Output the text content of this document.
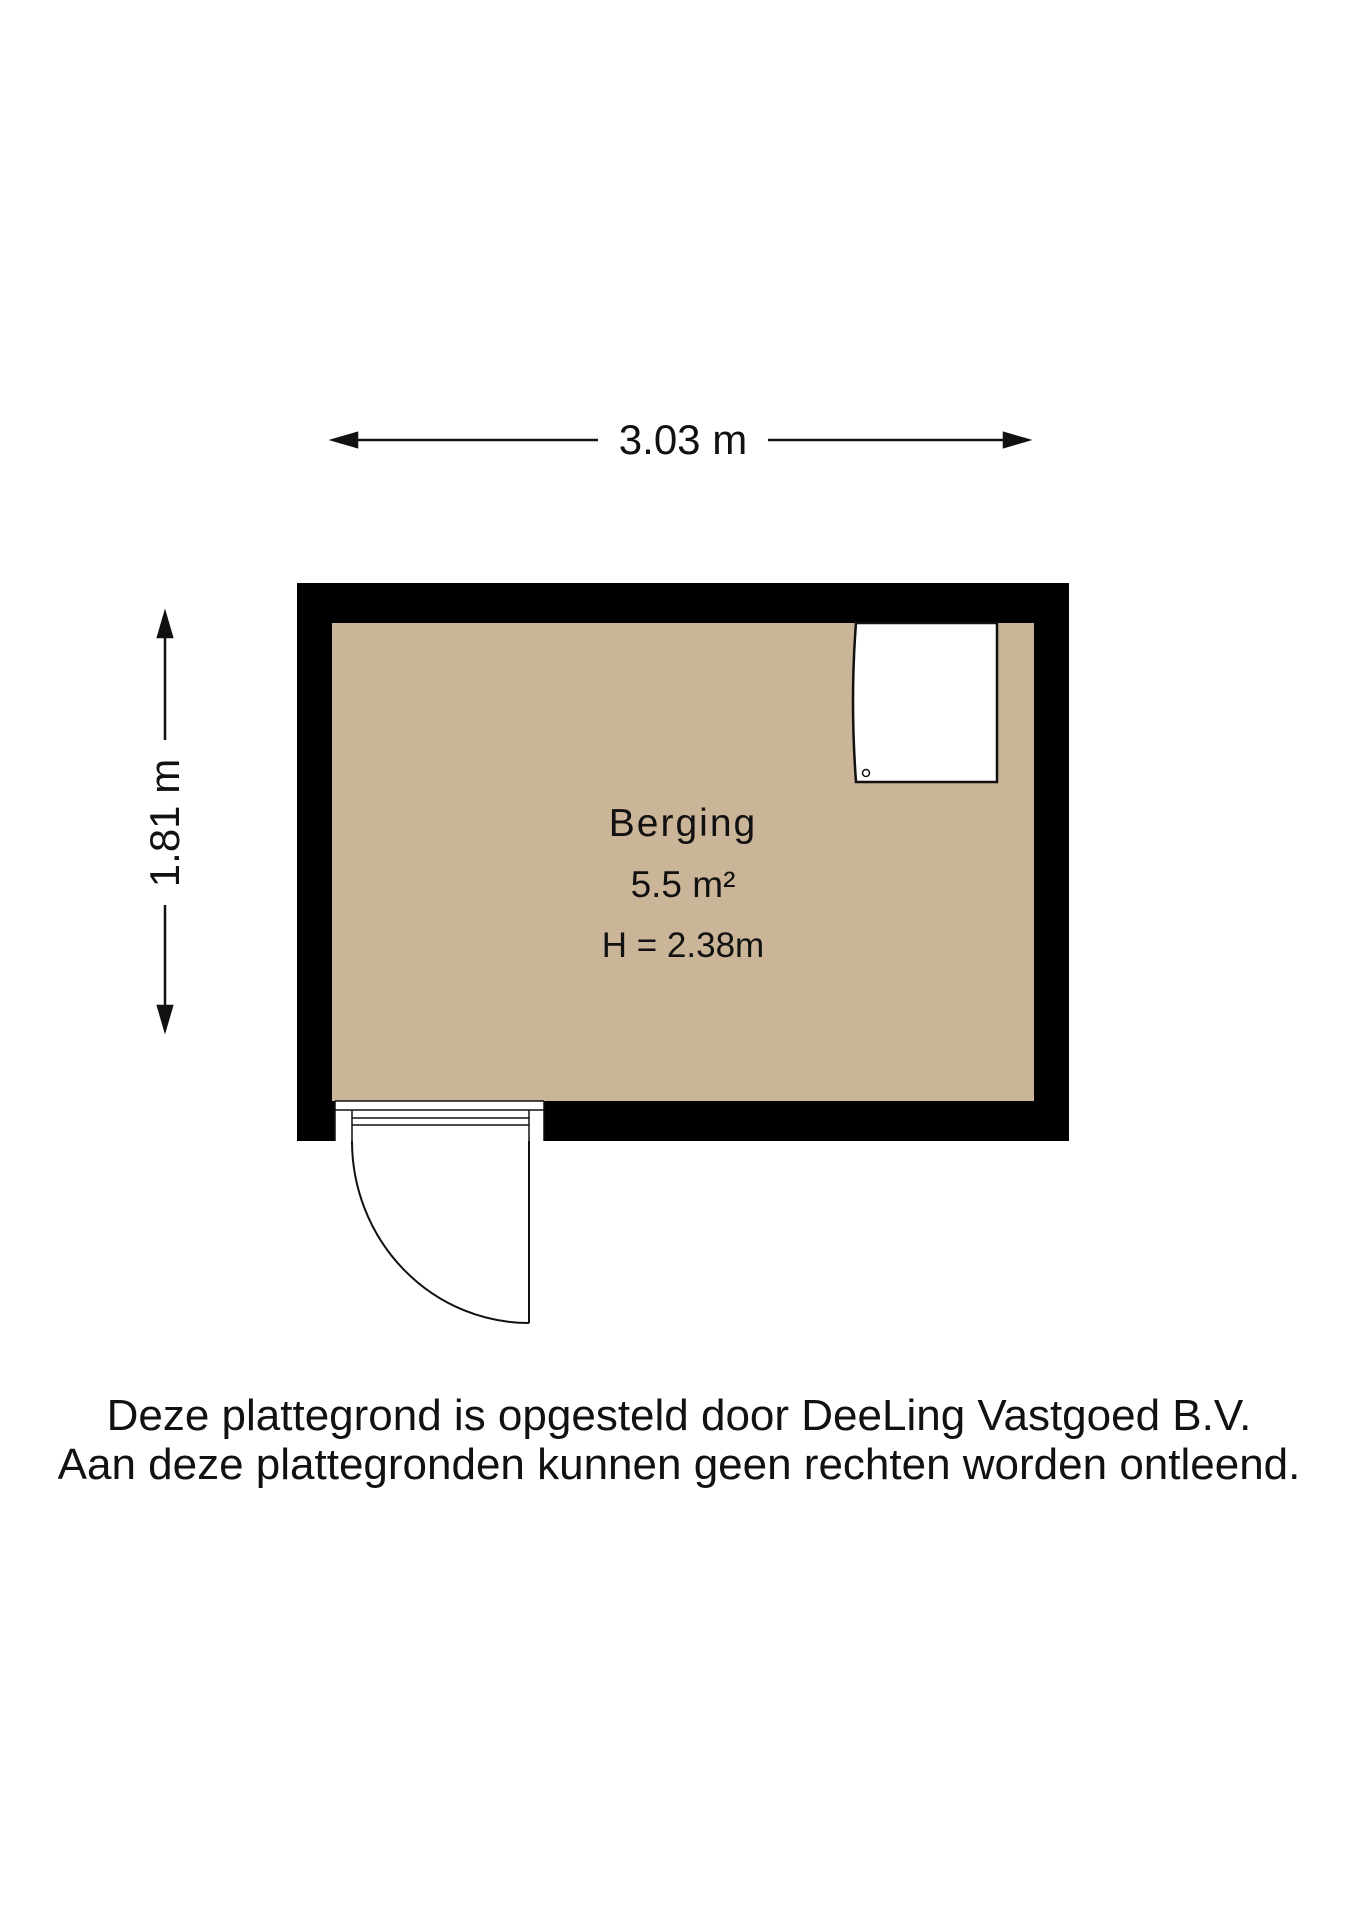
3.03 m
1.81 m	Berging
5.5 m²
H = 2.38m
Deze plattegrond is opgesteld door DeeLing Vastgoed B.V.
Aan deze plattegronden kunnen geen rechten worden ontleend.
